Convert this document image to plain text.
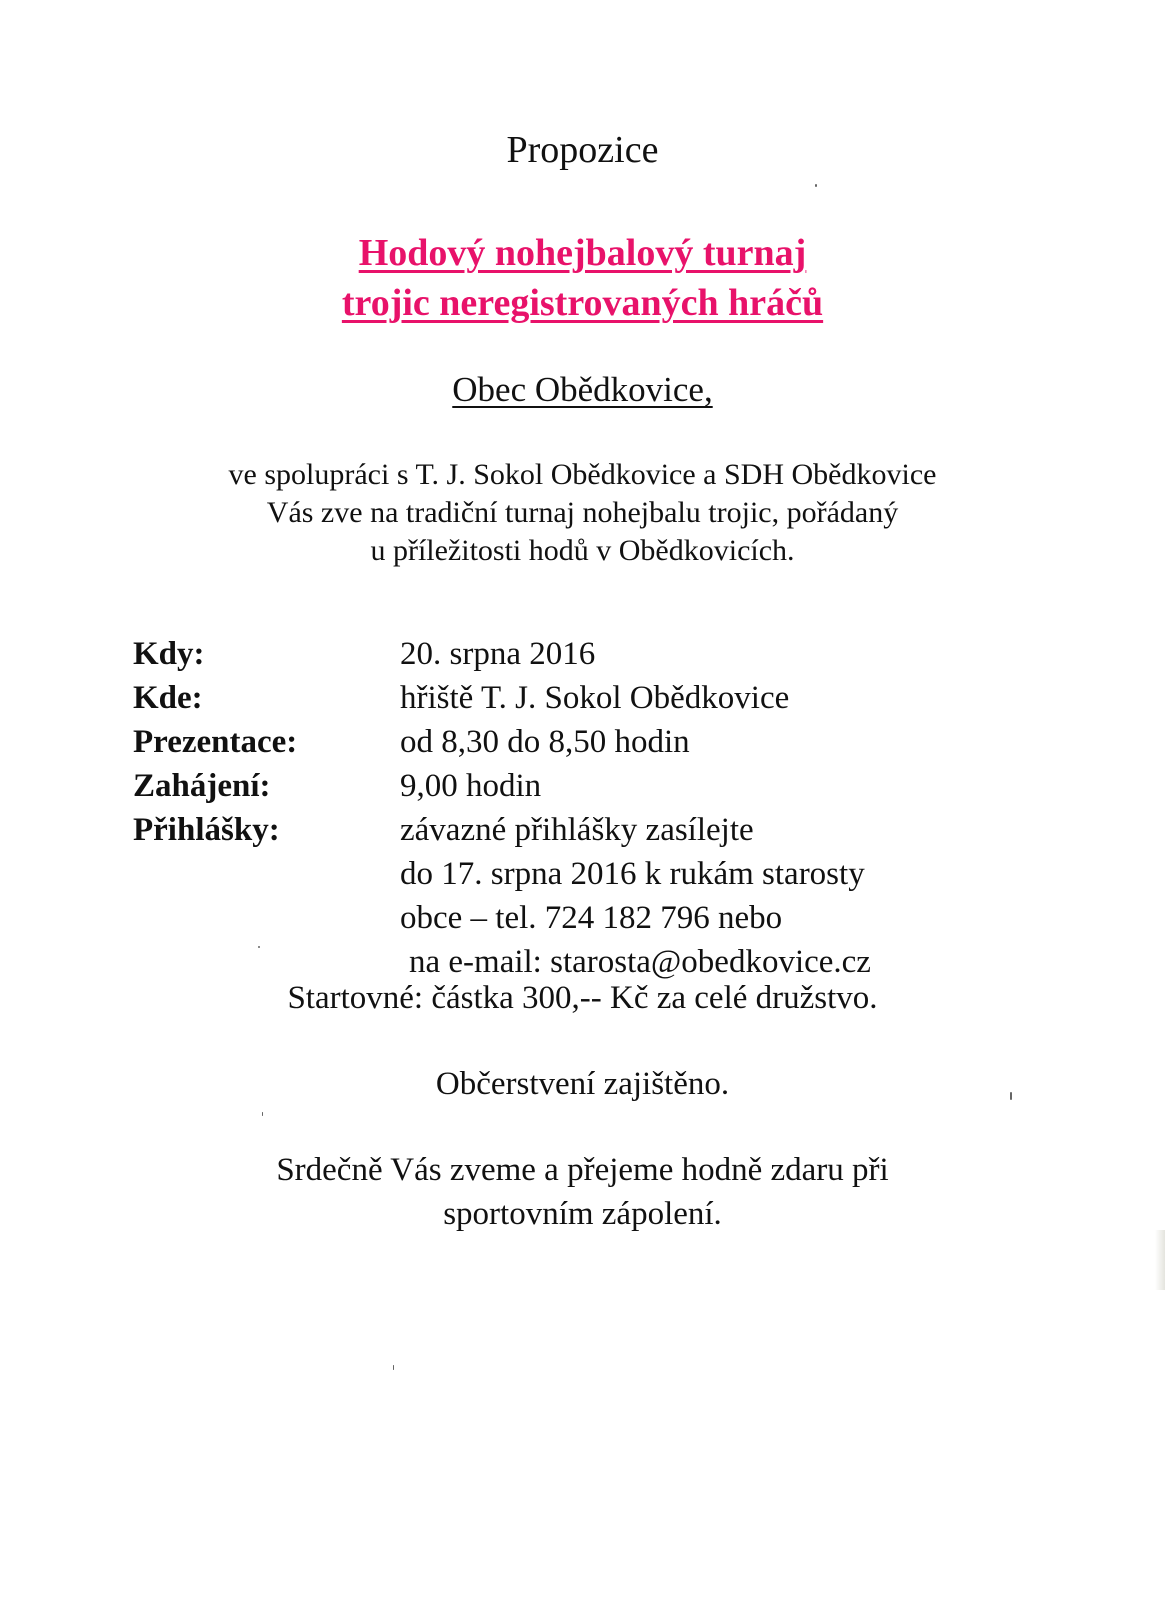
Propozice
Hodový nohejbalový turnaj
trojic neregistrovaných hráčů
Obec Obědkovice,
ve spolupráci s T. J. Sokol Obědkovice a SDH Obědkovice
Vás zve na tradiční turnaj nohejbalu trojic, pořádaný
u příležitosti hodů v Obědkovicích.
Kdy:	20. srpna 2016
Kde:	hřiště T. J. Sokol Obědkovice
Prezentace:	od 8,30 do 8,50 hodin
Zahájení:	9,00 hodin
Přihlášky:	závazné přihlášky zasílejte
do 17. srpna 2016 k rukám starosty
obce – tel. 724 182 796 nebo
na e-mail: starosta@obedkovice.cz
Startovné: částka 300,-- Kč za celé družstvo.
Občerstvení zajištěno.
Srdečně Vás zveme a přejeme hodně zdaru při
sportovním zápolení.
